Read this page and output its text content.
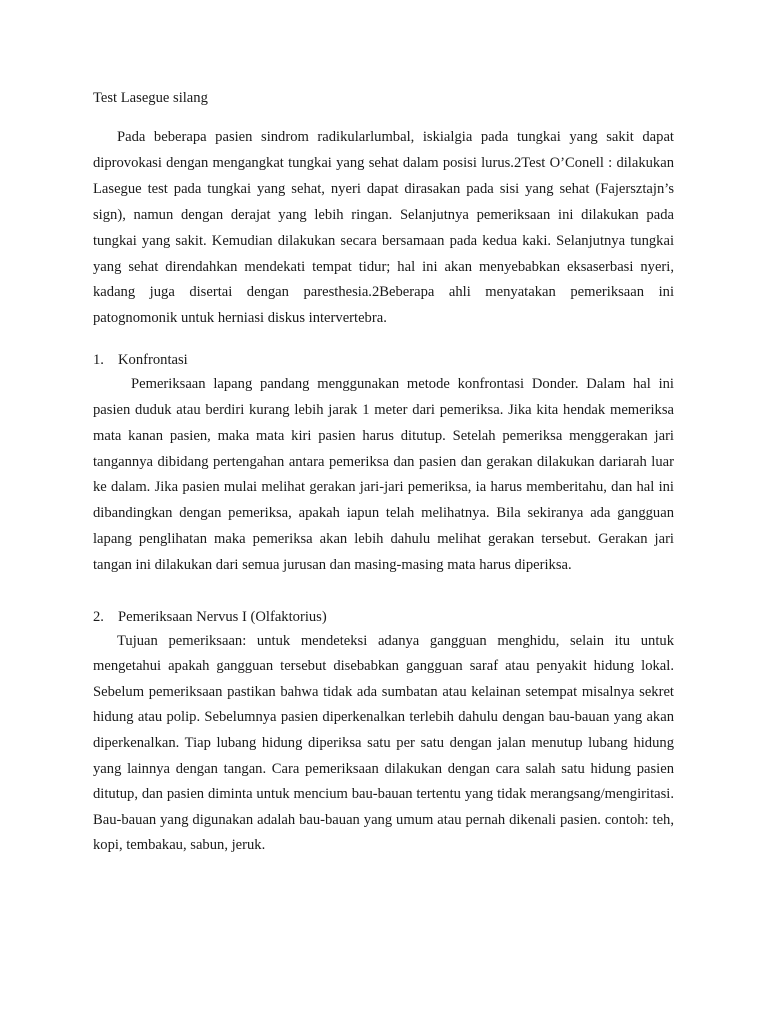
Test Lasegue silang

Pada beberapa pasien sindrom radikularlumbal, iskialgia pada tungkai yang sakit dapat diprovokasi dengan mengangkat tungkai yang sehat dalam posisi lurus.2Test O’Conell : dilakukan Lasegue test pada tungkai yang sehat, nyeri dapat dirasakan pada sisi yang sehat (Fajersztajn’s sign), namun dengan derajat yang lebih ringan. Selanjutnya pemeriksaan ini dilakukan pada tungkai yang sakit. Kemudian dilakukan secara bersamaan pada kedua kaki. Selanjutnya tungkai yang sehat direndahkan mendekati tempat tidur; hal ini akan menyebabkan eksaserbasi nyeri, kadang juga disertai dengan paresthesia.2Beberapa ahli menyatakan pemeriksaan ini patognomonik untuk herniasi diskus intervertebra.

1. Konfrontasi

Pemeriksaan lapang pandang menggunakan metode konfrontasi Donder. Dalam hal ini pasien duduk atau berdiri kurang lebih jarak 1 meter dari pemeriksa. Jika kita hendak memeriksa mata kanan pasien, maka mata kiri pasien harus ditutup. Setelah pemeriksa menggerakan jari tangannya dibidang pertengahan antara pemeriksa dan pasien dan gerakan dilakukan dariarah luar ke dalam. Jika pasien mulai melihat gerakan jari-jari pemeriksa, ia harus memberitahu, dan hal ini dibandingkan dengan pemeriksa, apakah iapun telah melihatnya. Bila sekiranya ada gangguan lapang penglihatan maka pemeriksa akan lebih dahulu melihat gerakan tersebut. Gerakan jari tangan ini dilakukan dari semua jurusan dan masing-masing mata harus diperiksa.

2. Pemeriksaan Nervus I (Olfaktorius)

Tujuan pemeriksaan: untuk mendeteksi adanya gangguan menghidu, selain itu untuk mengetahui apakah gangguan tersebut disebabkan gangguan saraf atau penyakit hidung lokal. Sebelum pemeriksaan pastikan bahwa tidak ada sumbatan atau kelainan setempat misalnya sekret hidung atau polip. Sebelumnya pasien diperkenalkan terlebih dahulu dengan bau-bauan yang akan diperkenalkan. Tiap lubang hidung diperiksa satu per satu dengan jalan menutup lubang hidung yang lainnya dengan tangan. Cara pemeriksaan dilakukan dengan cara salah satu hidung pasien ditutup, dan pasien diminta untuk mencium bau-bauan tertentu yang tidak merangsang/mengiritasi. Bau-bauan yang digunakan adalah bau-bauan yang umum atau pernah dikenali pasien. contoh: teh, kopi, tembakau, sabun, jeruk.
